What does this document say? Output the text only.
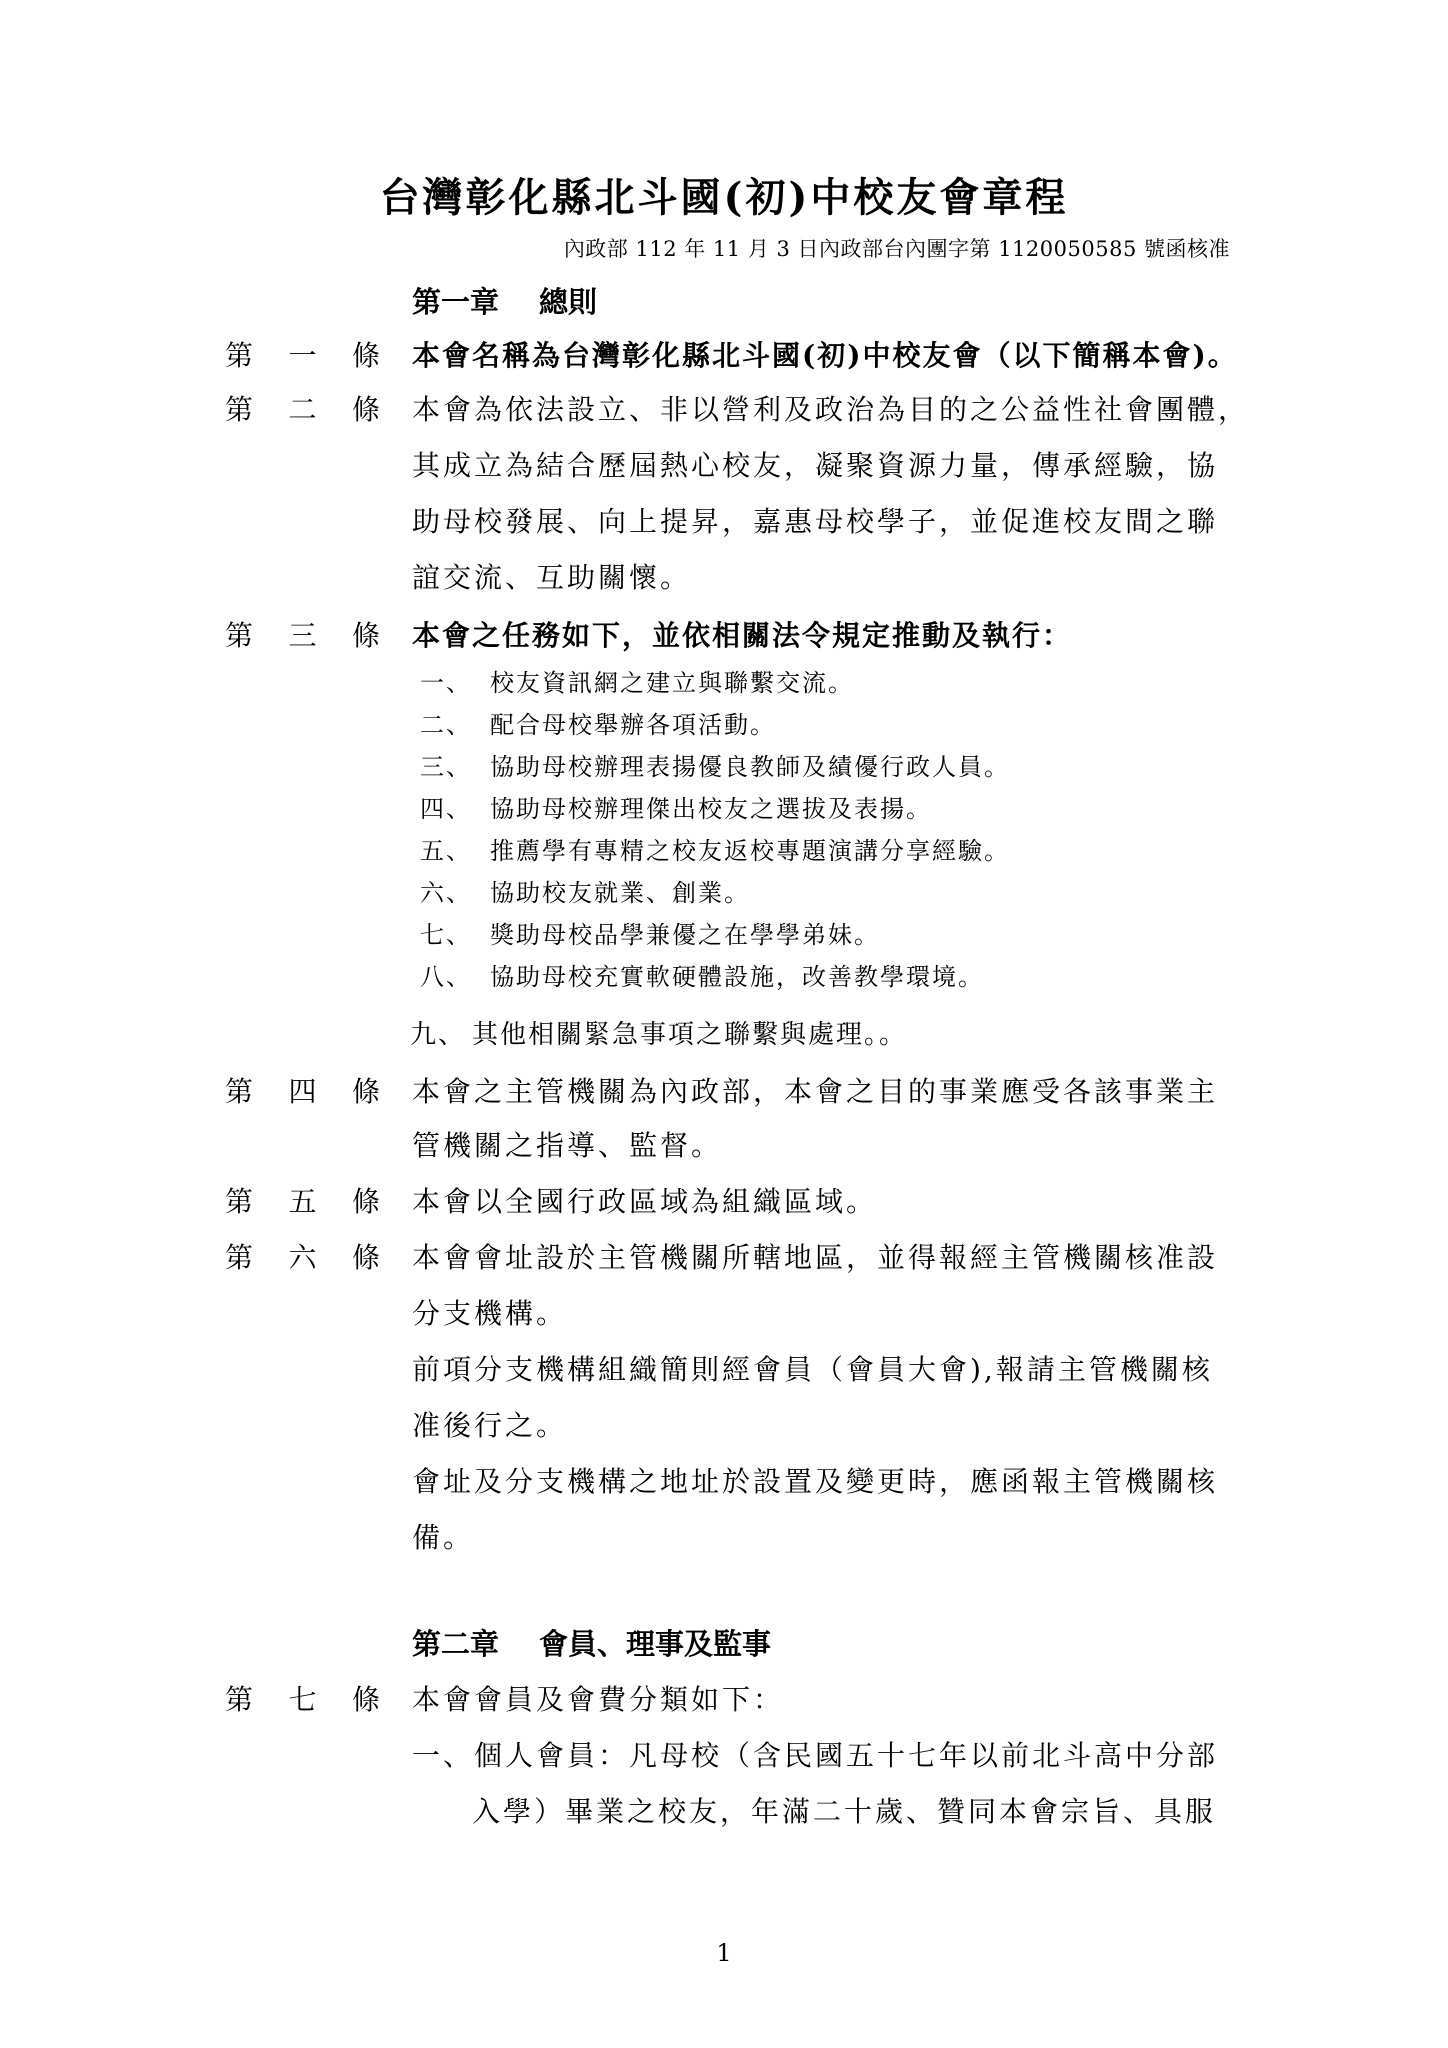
台灣彰化縣北斗國(初)中校友會章程
內政部 112 年 11 月 3 日內政部台內團字第 1120050585 號函核准
第一章 總則
第 一 條 本會名稱為台灣彰化縣北斗國(初)中校友會（以下簡稱本會)。
第 二 條 本會為依法設立、非以營利及政治為目的之公益性社會團體，
其成立為結合歷屆熱心校友，凝聚資源力量，傳承經驗，協
助母校發展、向上提昇，嘉惠母校學子，並促進校友間之聯
誼交流、互助關懷。
第 三 條 本會之任務如下，並依相關法令規定推動及執行：
一、 校友資訊網之建立與聯繫交流。
二、 配合母校舉辦各項活動。
三、 協助母校辦理表揚優良教師及績優行政人員。
四、 協助母校辦理傑出校友之選拔及表揚。
五、 推薦學有專精之校友返校專題演講分享經驗。
六、 協助校友就業、創業。
七、 獎助母校品學兼優之在學學弟妹。
八、 協助母校充實軟硬體設施，改善教學環境。
九、 其他相關緊急事項之聯繫與處理。。
第 四 條 本會之主管機關為內政部，本會之目的事業應受各該事業主
管機關之指導、監督。
第 五 條 本會以全國行政區域為組織區域。
第 六 條 本會會址設於主管機關所轄地區，並得報經主管機關核准設
分支機構。
前項分支機構組織簡則經會員（會員大會),報請主管機關核
准後行之。
會址及分支機構之地址於設置及變更時，應函報主管機關核
備。
第二章 會員、理事及監事
第 七 條 本會會員及會費分類如下：
一、個人會員：凡母校（含民國五十七年以前北斗高中分部
入學）畢業之校友，年滿二十歲、贊同本會宗旨、具服
1
